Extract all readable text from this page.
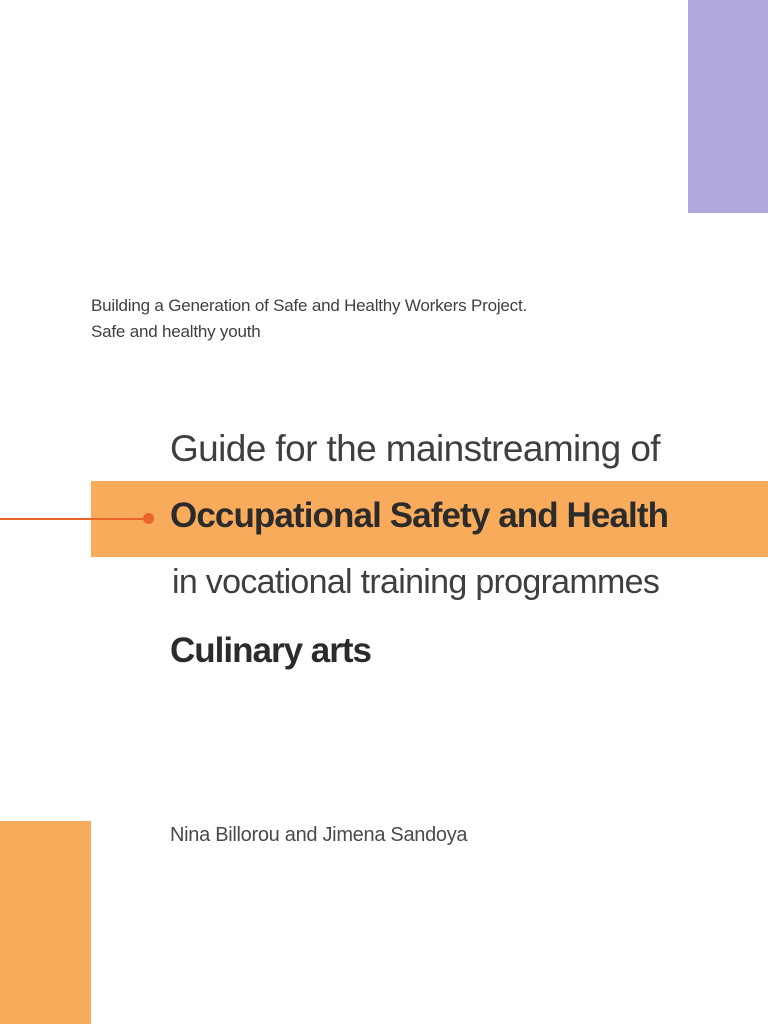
Building a Generation of Safe and Healthy Workers Project.
Safe and healthy youth
Guide for the mainstreaming of
Occupational Safety and Health
in vocational training programmes
Culinary arts
Nina Billorou and Jimena Sandoya
